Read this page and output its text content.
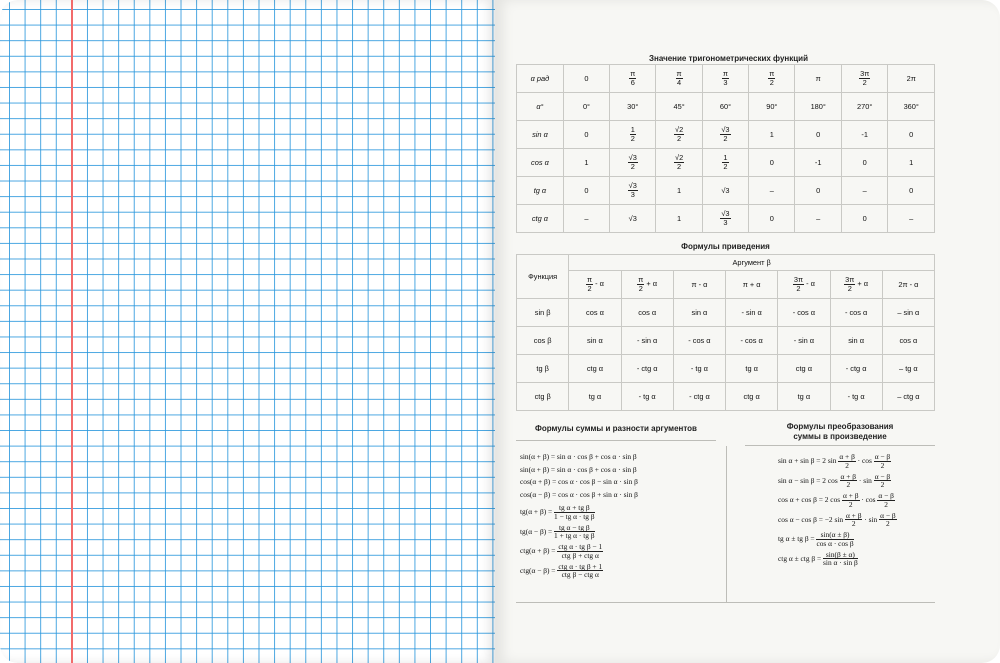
Значение тригонометрических функций
α рад	0	$\frac{\pi}{6}$	$\frac{\pi}{4}$	$\frac{\pi}{3}$	$\frac{\pi}{2}$	π	$\frac{3\pi}{2}$	2π
α°	0°	30°	45°	60°	90°	180°	270°	360°
sin α	0	$\frac{1}{2}$	$\frac{√2}{2}$	$\frac{√3}{2}$	1	0	-1	0
cos α	1	$\frac{√3}{2}$	$\frac{√2}{2}$	$\frac{1}{2}$	0	-1	0	1
tg α	0	$\frac{√3}{3}$	1	√3	–	0	–	0
ctg α	–	√3	1	$\frac{√3}{3}$	0	–	0	–
Формулы приведения
Функция	Аргумент β						

	$\frac{\pi}{2}$ - α	$\frac{\pi}{2} + \alpha$	π - α	π + α	$\frac{3\pi}{2}$ - α	$\frac{3\pi}{2} + \alpha$	2π - α
sin β	cos α	cos α	sin α	- sin α	- cos α	- cos α	– sin α
cos β	sin α	- sin α	- cos α	- cos α	- sin α	sin α	cos α
tg β	ctg α	- ctg α	- tg α	tg α	ctg α	- ctg α	– tg α
ctg β	tg α	- tg α	- ctg α	ctg α	tg α	- tg α	– ctg α
Формулы суммы и разности аргументов
sin(α + β) = sin α · cos β + cos α · sin β
sin(α + β) = sin α · cos β + cos α · sin β
cos(α + β) = cos α · cos β − sin α · sin β
cos(α − β) = cos α · cos β + sin α · sin β
$tg(\alpha + \beta) = \frac{\text{tg α + tg β}}{\text{1 − tg α · tg β}}$
$tg(\alpha - \beta) = \frac{\text{tg α − tg β}}{\text{1 + tg α · tg β}}$
$ctg(\alpha + \beta) = \frac{\text{ctg α · tg β − 1}}{\text{ctg β + ctg α}}$
$ctg(\alpha - \beta) = \frac{\text{ctg α · tg β + 1}}{\text{ctg β − ctg α}}$
Формулы преобразования
суммы в произведение
sin α + sin β = 2 $\sin \frac{\alpha + \beta}{2} \cdot \cos \frac{\alpha - \beta}{2}$
sin α − sin β = 2 $\cos \frac{\alpha + \beta}{2} \cdot \sin \frac{\alpha - \beta}{2}$
cos α + cos β = 2 $\cos \frac{\alpha + \beta}{2} \cdot \cos \frac{\alpha - \beta}{2}$
cos α − cos β = −2 $\sin \frac{\alpha + \beta}{2} \cdot \sin \frac{\alpha - \beta}{2}$
tg α ± tg $\beta = \frac{\sin(\alpha \pm \beta)}{\text{cos α · cos β}}$
ctg α ± ctg $\beta = \frac{\sin(\beta \pm \alpha)}{\text{sin α · sin β}}$
